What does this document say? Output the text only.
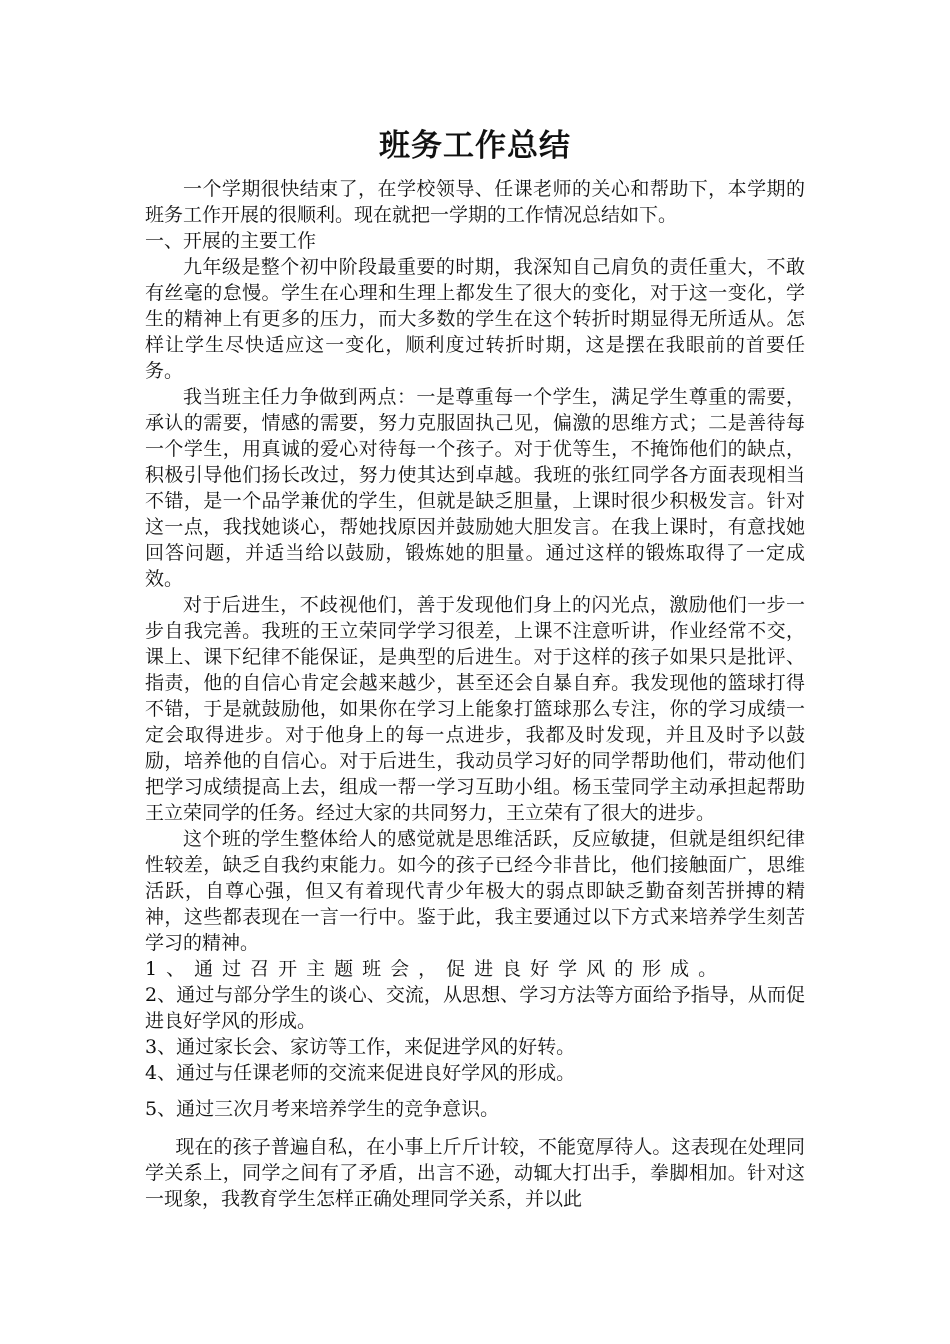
班务工作总结

一个学期很快结束了，在学校领导、任课老师的关心和帮助下，本学期的班务工作开展的很顺利。现在就把一学期的工作情况总结如下。

一、开展的主要工作

九年级是整个初中阶段最重要的时期，我深知自己肩负的责任重大，不敢有丝毫的怠慢。学生在心理和生理上都发生了很大的变化，对于这一变化，学生的精神上有更多的压力，而大多数的学生在这个转折时期显得无所适从。怎样让学生尽快适应这一变化，顺利度过转折时期，这是摆在我眼前的首要任务。

我当班主任力争做到两点：一是尊重每一个学生，满足学生尊重的需要，承认的需要，情感的需要，努力克服固执己见，偏激的思维方式；二是善待每一个学生，用真诚的爱心对待每一个孩子。对于优等生，不掩饰他们的缺点，积极引导他们扬长改过，努力使其达到卓越。我班的张红同学各方面表现相当不错，是一个品学兼优的学生，但就是缺乏胆量，上课时很少积极发言。针对这一点，我找她谈心，帮她找原因并鼓励她大胆发言。在我上课时，有意找她回答问题，并适当给以鼓励，锻炼她的胆量。通过这样的锻炼取得了一定成效。

对于后进生，不歧视他们，善于发现他们身上的闪光点，激励他们一步一步自我完善。我班的王立荣同学学习很差，上课不注意听讲，作业经常不交，课上、课下纪律不能保证，是典型的后进生。对于这样的孩子如果只是批评、指责，他的自信心肯定会越来越少，甚至还会自暴自弃。我发现他的篮球打得不错，于是就鼓励他，如果你在学习上能象打篮球那么专注，你的学习成绩一定会取得进步。对于他身上的每一点进步，我都及时发现，并且及时予以鼓励，培养他的自信心。对于后进生，我动员学习好的同学帮助他们，带动他们把学习成绩提高上去，组成一帮一学习互助小组。杨玉莹同学主动承担起帮助王立荣同学的任务。经过大家的共同努力，王立荣有了很大的进步。

这个班的学生整体给人的感觉就是思维活跃，反应敏捷，但就是组织纪律性较差，缺乏自我约束能力。如今的孩子已经今非昔比，他们接触面广，思维活跃，自尊心强，但又有着现代青少年极大的弱点即缺乏勤奋刻苦拼搏的精神，这些都表现在一言一行中。鉴于此，我主要通过以下方式来培养学生刻苦学习的精神。

1、通过召开主题班会，促进良好学风的形成。

2、通过与部分学生的谈心、交流，从思想、学习方法等方面给予指导，从而促进良好学风的形成。

3、通过家长会、家访等工作，来促进学风的好转。

4、通过与任课老师的交流来促进良好学风的形成。

5、通过三次月考来培养学生的竞争意识。

现在的孩子普遍自私，在小事上斤斤计较，不能宽厚待人。这表现在处理同学关系上，同学之间有了矛盾，出言不逊，动辄大打出手，拳脚相加。针对这一现象，我教育学生怎样正确处理同学关系，并以此
